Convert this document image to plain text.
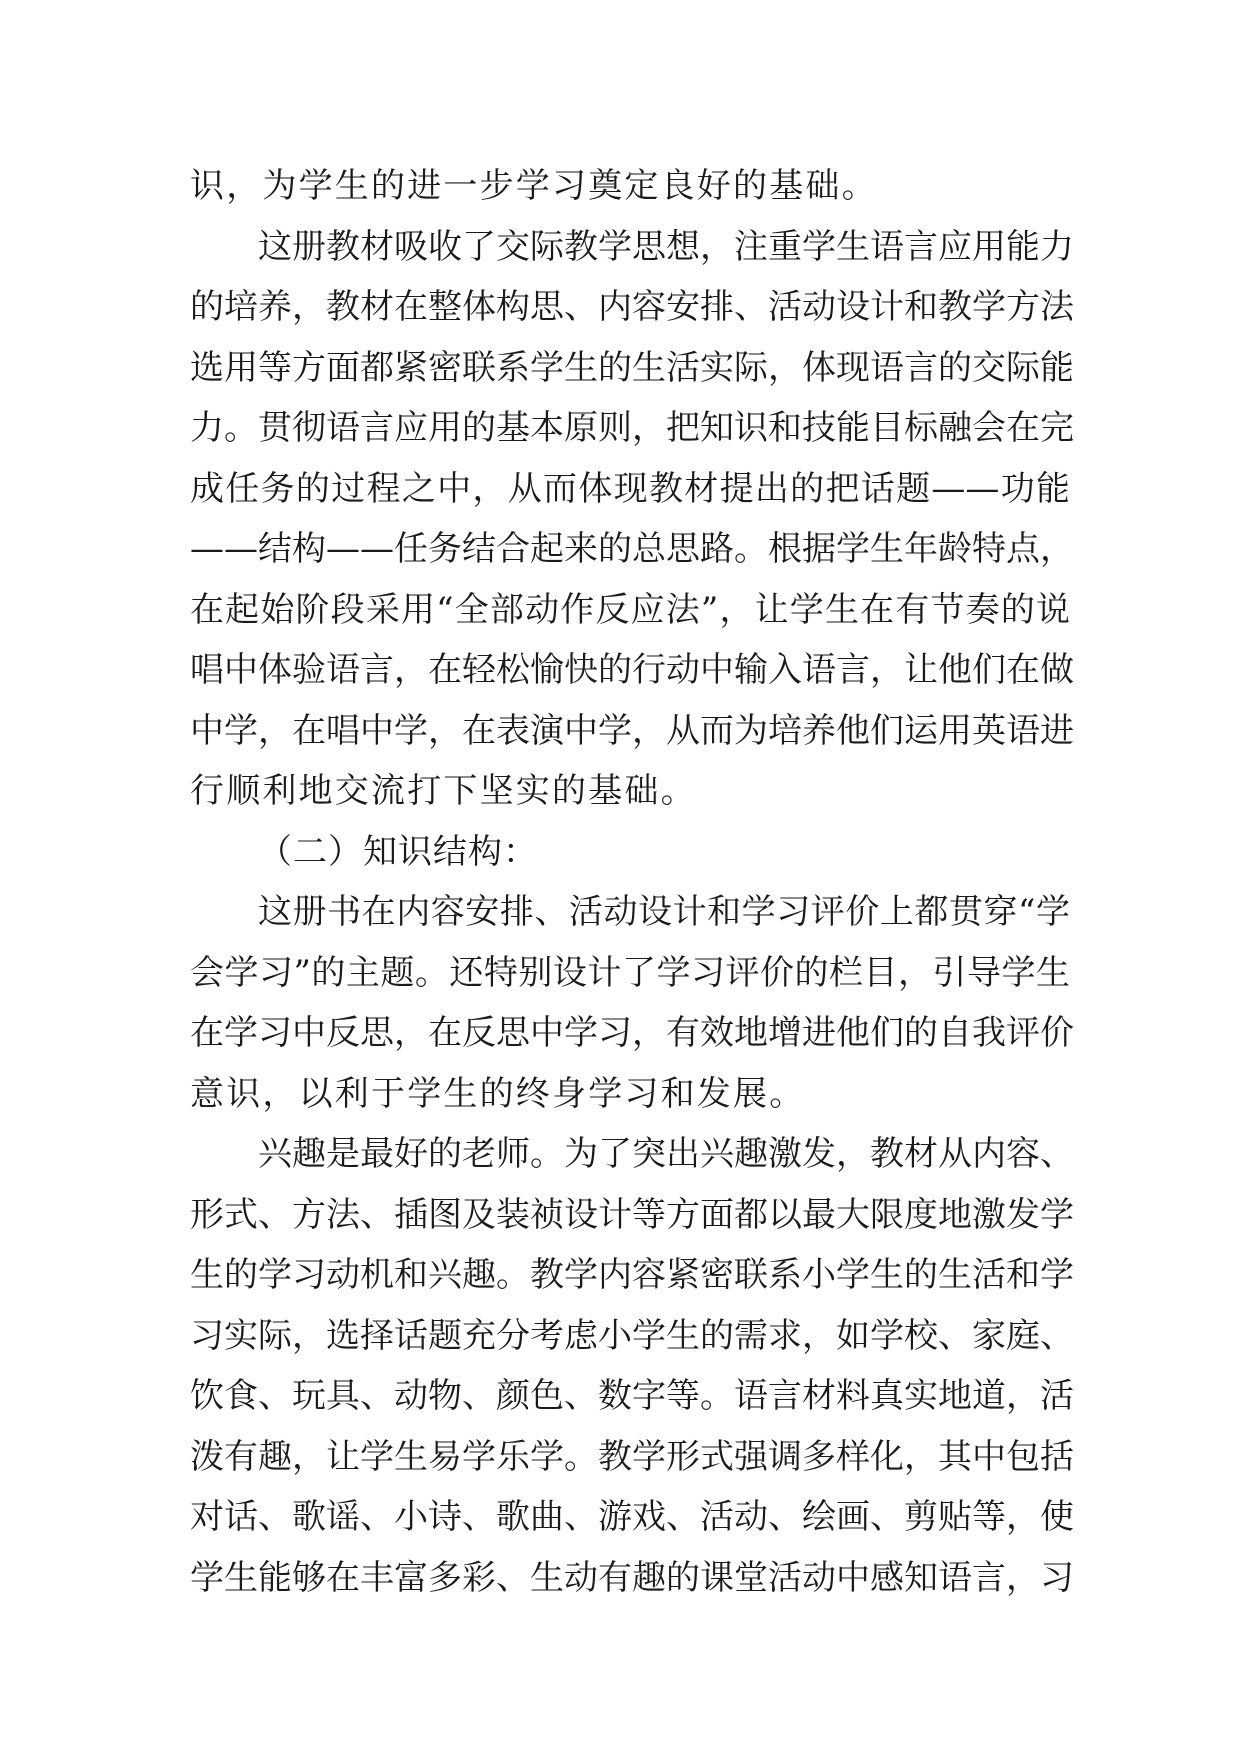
识，为学生的进一步学习奠定良好的基础。
这册教材吸收了交际教学思想，注重学生语言应用能力
的培养，教材在整体构思、内容安排、活动设计和教学方法
选用等方面都紧密联系学生的生活实际，体现语言的交际能
力。贯彻语言应用的基本原则，把知识和技能目标融会在完
成任务的过程之中，从而体现教材提出的把话题——功能
——结构——任务结合起来的总思路。根据学生年龄特点，
在起始阶段采用“全部动作反应法”，让学生在有节奏的说
唱中体验语言，在轻松愉快的行动中输入语言，让他们在做
中学，在唱中学，在表演中学，从而为培养他们运用英语进
行顺利地交流打下坚实的基础。
（二）知识结构：
这册书在内容安排、活动设计和学习评价上都贯穿“学
会学习”的主题。还特别设计了学习评价的栏目，引导学生
在学习中反思，在反思中学习，有效地增进他们的自我评价
意识，以利于学生的终身学习和发展。
兴趣是最好的老师。为了突出兴趣激发，教材从内容、
形式、方法、插图及装祯设计等方面都以最大限度地激发学
生的学习动机和兴趣。教学内容紧密联系小学生的生活和学
习实际，选择话题充分考虑小学生的需求，如学校、家庭、
饮食、玩具、动物、颜色、数字等。语言材料真实地道，活
泼有趣，让学生易学乐学。教学形式强调多样化，其中包括
对话、歌谣、小诗、歌曲、游戏、活动、绘画、剪贴等，使
学生能够在丰富多彩、生动有趣的课堂活动中感知语言，习
